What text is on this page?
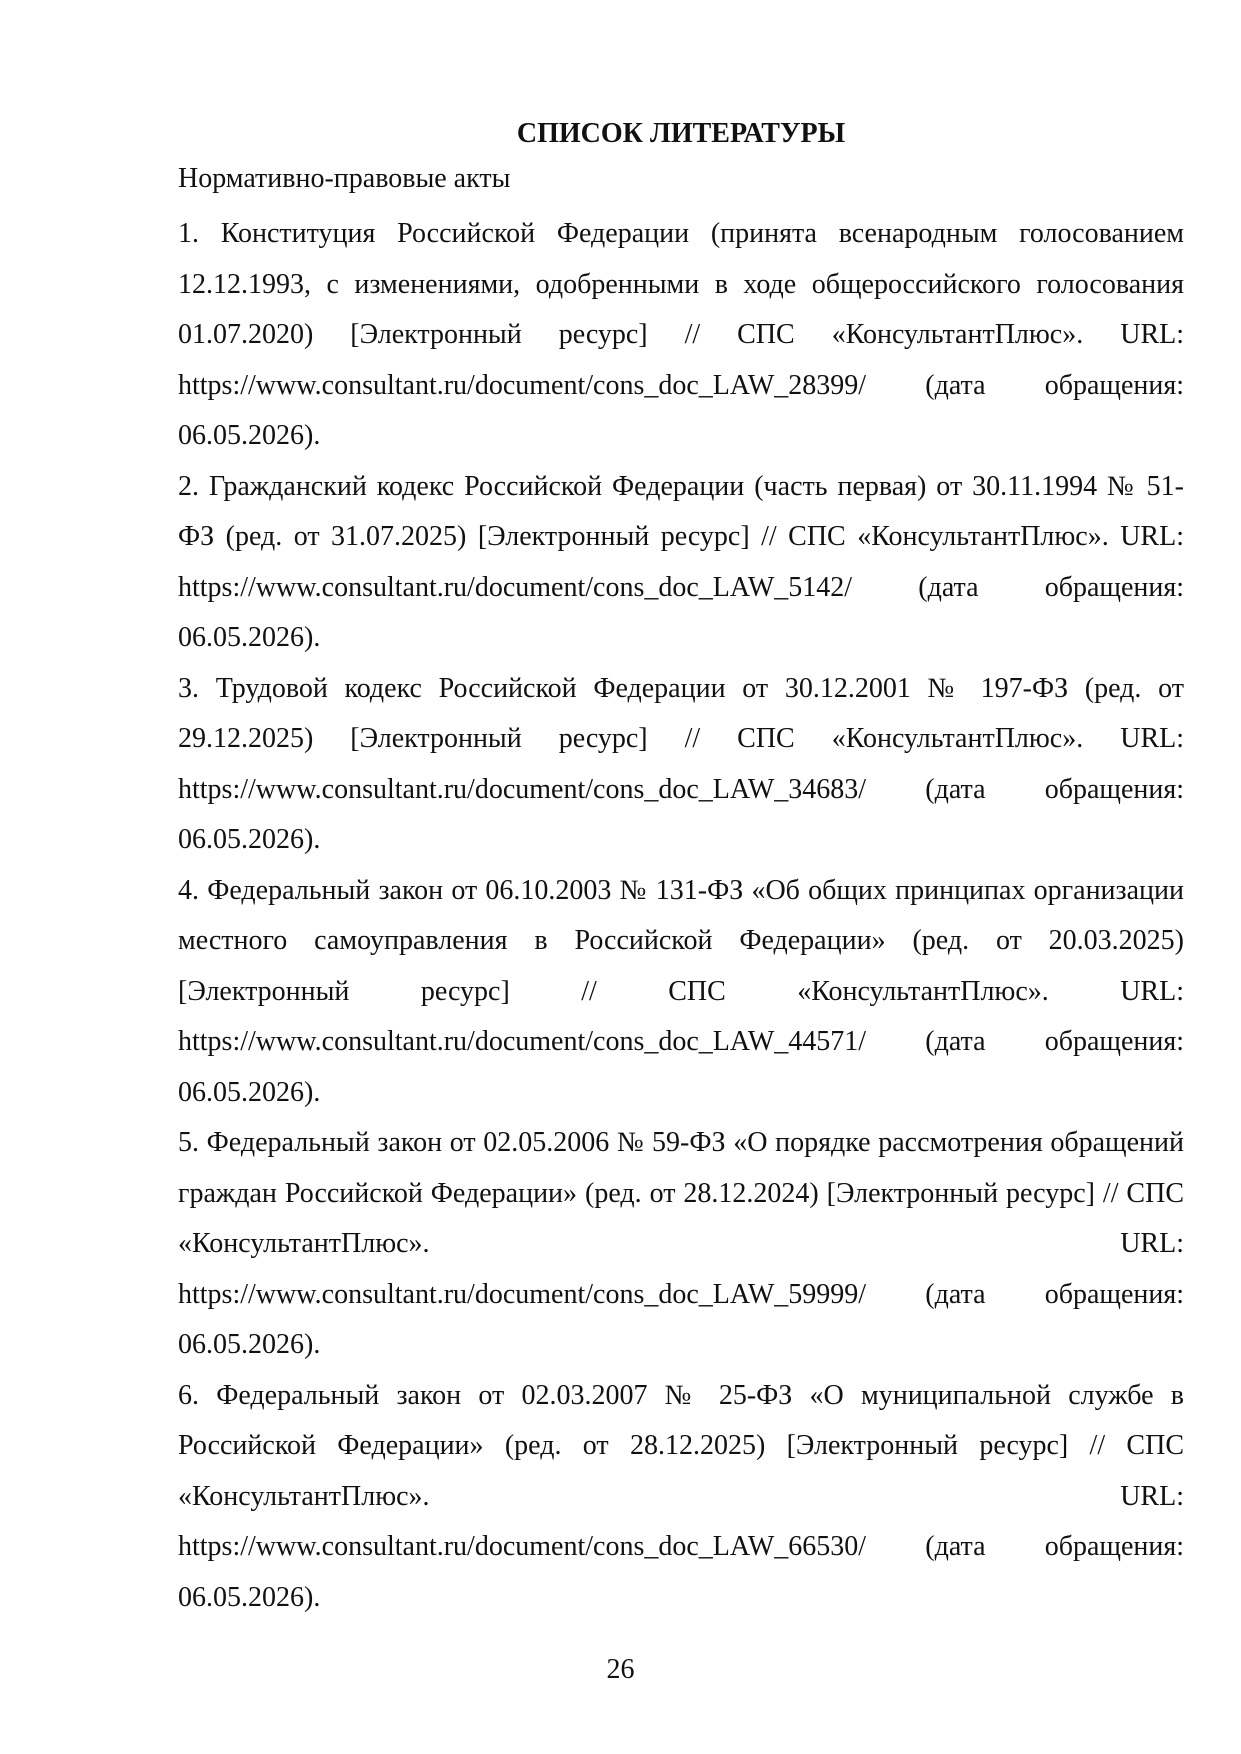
СПИСОК ЛИТЕРАТУРЫ

Нормативно-правовые акты

1. Конституция Российской Федерации (принята всенародным голосованием 12.12.1993, с изменениями, одобренными в ходе общероссийского голосования 01.07.2020) [Электронный ресурс] // СПС «КонсультантПлюс». URL: https://www.consultant.ru/document/cons_doc_LAW_28399/ (дата обращения: 06.05.2026).
2. Гражданский кодекс Российской Федерации (часть первая) от 30.11.1994 № 51-ФЗ (ред. от 31.07.2025) [Электронный ресурс] // СПС «КонсультантПлюс». URL: https://www.consultant.ru/document/cons_doc_LAW_5142/ (дата обращения: 06.05.2026).
3. Трудовой кодекс Российской Федерации от 30.12.2001 № 197-ФЗ (ред. от 29.12.2025) [Электронный ресурс] // СПС «КонсультантПлюс». URL: https://www.consultant.ru/document/cons_doc_LAW_34683/ (дата обращения: 06.05.2026).
4. Федеральный закон от 06.10.2003 № 131-ФЗ «Об общих принципах организации местного самоуправления в Российской Федерации» (ред. от 20.03.2025) [Электронный ресурс] // СПС «КонсультантПлюс». URL: https://www.consultant.ru/document/cons_doc_LAW_44571/ (дата обращения: 06.05.2026).
5. Федеральный закон от 02.05.2006 № 59-ФЗ «О порядке рассмотрения обращений граждан Российской Федерации» (ред. от 28.12.2024) [Электронный ресурс] // СПС «КонсультантПлюс». URL: https://www.consultant.ru/document/cons_doc_LAW_59999/ (дата обращения: 06.05.2026).
6. Федеральный закон от 02.03.2007 № 25-ФЗ «О муниципальной службе в Российской Федерации» (ред. от 28.12.2025) [Электронный ресурс] // СПС «КонсультантПлюс». URL: https://www.consultant.ru/document/cons_doc_LAW_66530/ (дата обращения: 06.05.2026).
26
